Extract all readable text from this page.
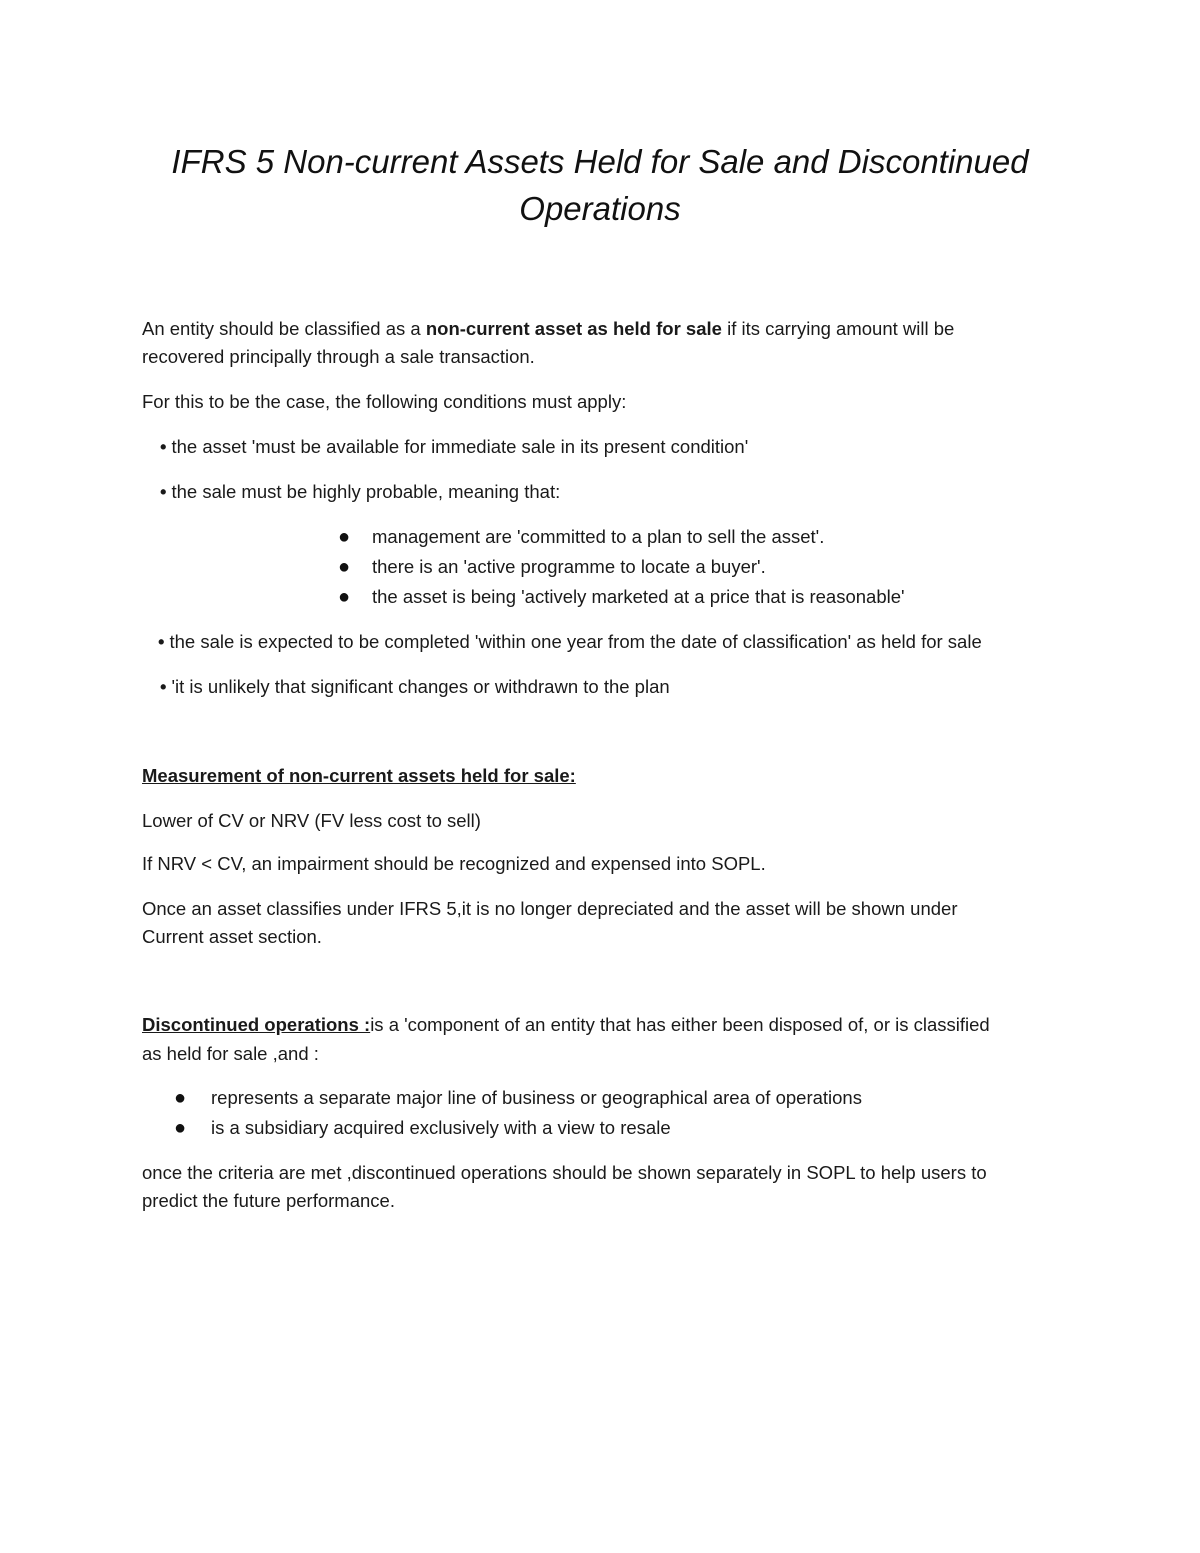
IFRS 5 Non-current Assets Held for Sale and Discontinued
Operations
An entity should be classified as a non-current asset as held for sale if its carrying amount will be
recovered principally through a sale transaction.
For this to be the case, the following conditions must apply:
• the asset 'must be available for immediate sale in its present condition'
• the sale must be highly probable, meaning that:
● management are 'committed to a plan to sell the asset'.
● there is an 'active programme to locate a buyer'.
● the asset is being 'actively marketed at a price that is reasonable'
• the sale is expected to be completed 'within one year from the date of classification' as held for sale
• 'it is unlikely that significant changes or withdrawn to the plan
Measurement of non-current assets held for sale:
Lower of CV or NRV (FV less cost to sell)
If NRV < CV, an impairment should be recognized and expensed into SOPL.
Once an asset classifies under IFRS 5,it is no longer depreciated and the asset will be shown under
Current asset section.
Discontinued operations :is a 'component of an entity that has either been disposed of, or is classified
as held for sale ,and :
● represents a separate major line of business or geographical area of operations
● is a subsidiary acquired exclusively with a view to resale
once the criteria are met ,discontinued operations should be shown separately in SOPL to help users to
predict the future performance.
